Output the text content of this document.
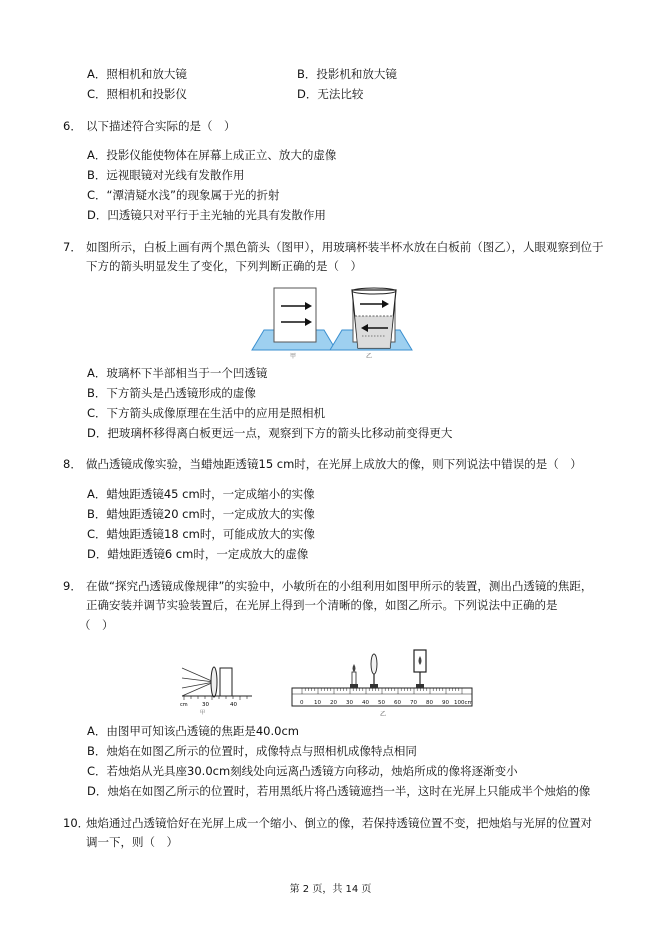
A．照相机和放大镜	B．投影机和放大镜
C．照相机和投影仪	D．无法比较
6． 以下描述符合实际的是（　）
A．投影仪能使物体在屏幕上成正立、放大的虚像
B．远视眼镜对光线有发散作用
C．“潭清疑水浅”的现象属于光的折射
D．凹透镜只对平行于主光轴的光具有发散作用
7． 如图所示，白板上画有两个黑色箭头（图甲），用玻璃杯装半杯水放在白板前（图乙），人眼观察到位于
下方的箭头明显发生了变化，下列判断正确的是（　）
甲	乙
A．玻璃杯下半部相当于一个凹透镜
B．下方箭头是凸透镜形成的虚像
C．下方箭头成像原理在生活中的应用是照相机
D．把玻璃杯移得离白板更远一点，观察到下方的箭头比移动前变得更大
8． 做凸透镜成像实验，当蜡烛距透镜15 cm时，在光屏上成放大的像，则下列说法中错误的是（　）
A．蜡烛距透镜45 cm时，一定成缩小的实像
B．蜡烛距透镜20 cm时，一定成放大的实像
C．蜡烛距透镜18 cm时，可能成放大的实像
D．蜡烛距透镜6 cm时，一定成放大的虚像
9． 在做“探究凸透镜成像规律”的实验中，小敏所在的小组利用如图甲所示的装置，测出凸透镜的焦距，
正确安装并调节实验装置后，在光屏上得到一个清晰的像，如图乙所示。下列说法中正确的是
（　）
cm	30	40
甲
0 10 20 30 40 50 60 70 80 90 100cm
乙
A．由图甲可知该凸透镜的焦距是40.0cm
B．烛焰在如图乙所示的位置时，成像特点与照相机成像特点相同
C．若烛焰从光具座30.0cm刻线处向远离凸透镜方向移动，烛焰所成的像将逐渐变小
D．烛焰在如图乙所示的位置时，若用黑纸片将凸透镜遮挡一半，这时在光屏上只能成半个烛焰的像
10．
烛焰通过凸透镜恰好在光屏上成一个缩小、倒立的像，若保持透镜位置不变，把烛焰与光屏的位置对
调一下，则（　）
第 2 页，共 14 页
